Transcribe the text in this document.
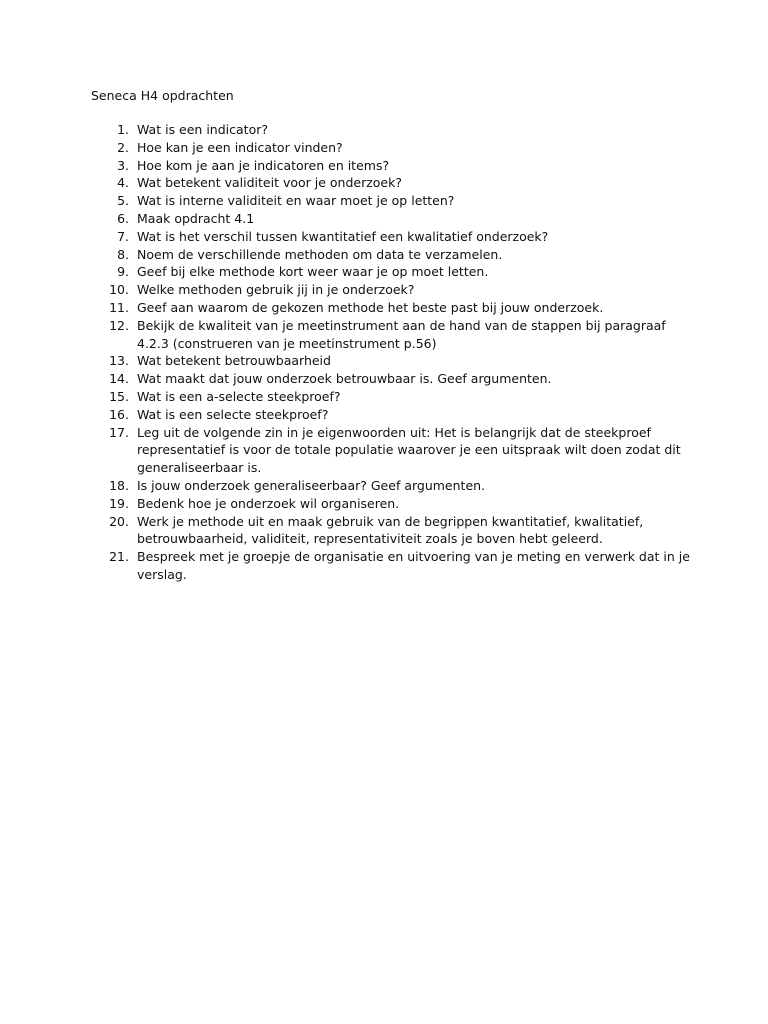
Seneca H4 opdrachten
1. Wat is een indicator?
2. Hoe kan je een indicator vinden?
3. Hoe kom je aan je indicatoren en items?
4. Wat betekent validiteit voor je onderzoek?
5. Wat is interne validiteit en waar moet je op letten?
6. Maak opdracht 4.1
7. Wat is het verschil tussen kwantitatief een kwalitatief onderzoek?
8. Noem de verschillende methoden om data te verzamelen.
9. Geef bij elke methode kort weer waar je op moet letten.
10. Welke methoden gebruik jij in je onderzoek?
11. Geef aan waarom de gekozen methode het beste past bij jouw onderzoek.
12. Bekijk de kwaliteit van je meetinstrument aan de hand van de stappen bij paragraaf 4.2.3 (construeren van je meetinstrument p.56)
13. Wat betekent betrouwbaarheid
14. Wat maakt dat jouw onderzoek betrouwbaar is. Geef argumenten.
15. Wat is een a-selecte steekproef?
16. Wat is een selecte steekproef?
17. Leg uit de volgende zin in je eigenwoorden uit: Het is belangrijk dat de steekproef representatief is voor de totale populatie waarover je een uitspraak wilt doen zodat dit generaliseerbaar is.
18. Is jouw onderzoek generaliseerbaar? Geef argumenten.
19. Bedenk hoe je onderzoek wil organiseren.
20. Werk je methode uit en maak gebruik van de begrippen kwantitatief, kwalitatief, betrouwbaarheid, validiteit, representativiteit zoals je boven hebt geleerd.
21. Bespreek met je groepje de organisatie en uitvoering van je meting en verwerk dat in je verslag.
